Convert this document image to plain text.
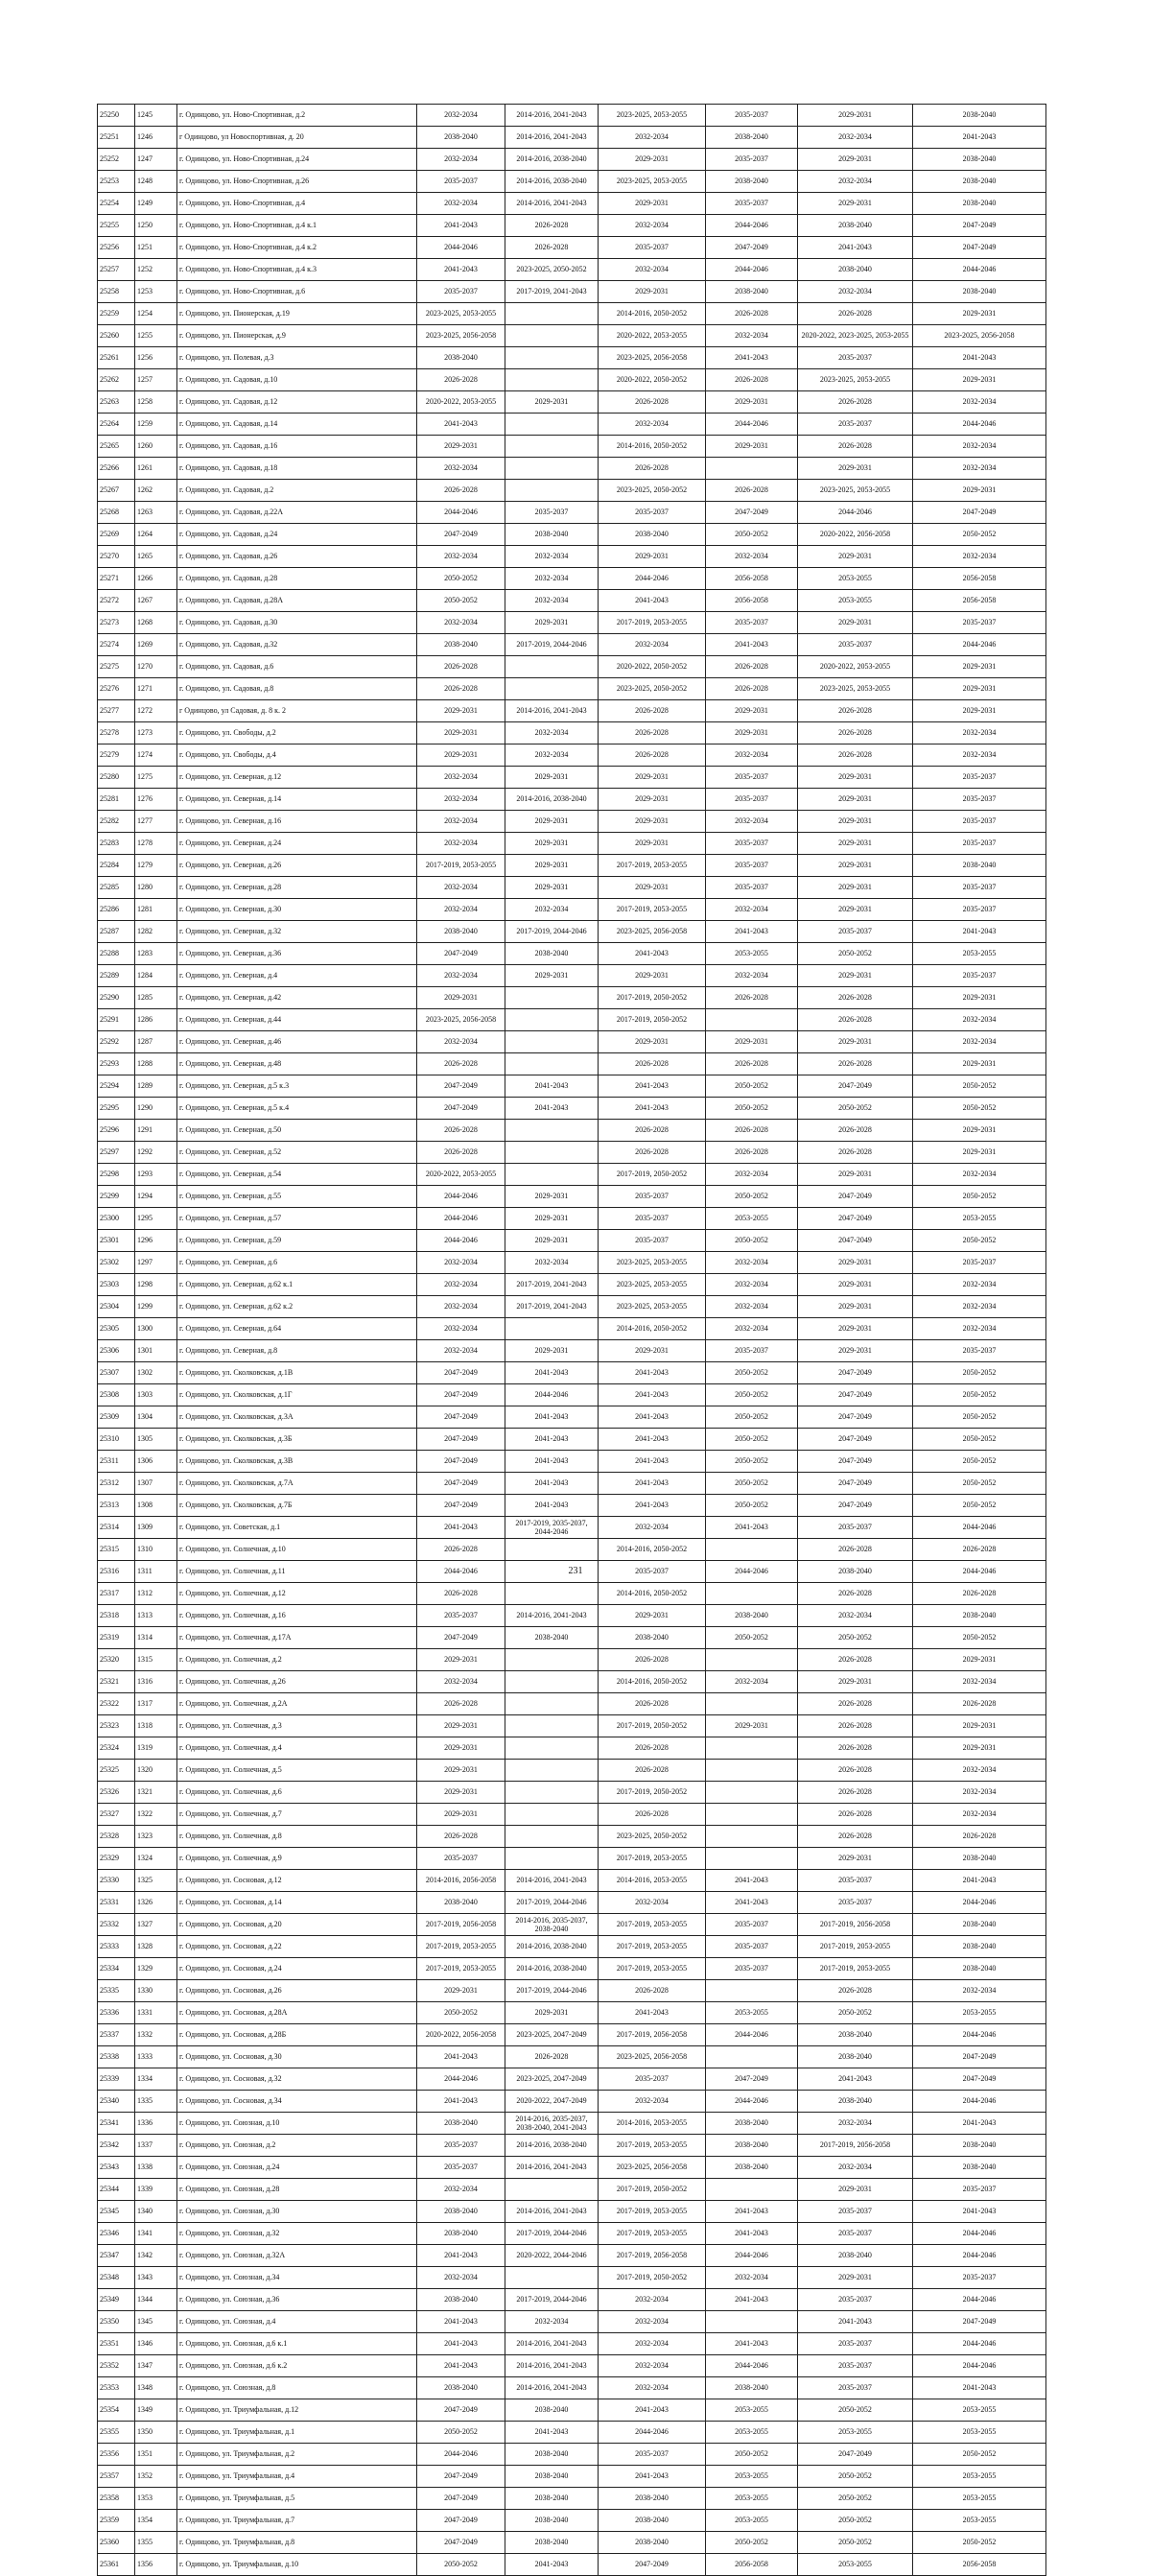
25250	1245	г. Одинцово, ул. Ново-Спортивная, д.2	2032-2034	2014-2016, 2041-2043	2023-2025, 2053-2055	2035-2037	2029-2031	2038-2040
25251	1246	г Одинцово, ул Новоспортивная, д. 20	2038-2040	2014-2016, 2041-2043	2032-2034	2038-2040	2032-2034	2041-2043
25252	1247	г. Одинцово, ул. Ново-Спортивная, д.24	2032-2034	2014-2016, 2038-2040	2029-2031	2035-2037	2029-2031	2038-2040
25253	1248	г. Одинцово, ул. Ново-Спортивная, д.26	2035-2037	2014-2016, 2038-2040	2023-2025, 2053-2055	2038-2040	2032-2034	2038-2040
25254	1249	г. Одинцово, ул. Ново-Спортивная, д.4	2032-2034	2014-2016, 2041-2043	2029-2031	2035-2037	2029-2031	2038-2040
25255	1250	г. Одинцово, ул. Ново-Спортивная, д.4 к.1	2041-2043	2026-2028	2032-2034	2044-2046	2038-2040	2047-2049
25256	1251	г. Одинцово, ул. Ново-Спортивная, д.4 к.2	2044-2046	2026-2028	2035-2037	2047-2049	2041-2043	2047-2049
25257	1252	г. Одинцово, ул. Ново-Спортивная, д.4 к.3	2041-2043	2023-2025, 2050-2052	2032-2034	2044-2046	2038-2040	2044-2046
25258	1253	г. Одинцово, ул. Ново-Спортивная, д.6	2035-2037	2017-2019, 2041-2043	2029-2031	2038-2040	2032-2034	2038-2040
25259	1254	г. Одинцово, ул. Пионерская, д.19	2023-2025, 2053-2055		2014-2016, 2050-2052	2026-2028	2026-2028	2029-2031
25260	1255	г. Одинцово, ул. Пионерская, д.9	2023-2025, 2056-2058		2020-2022, 2053-2055	2032-2034	2020-2022, 2023-2025, 2053-2055	2023-2025, 2056-2058
25261	1256	г. Одинцово, ул. Полевая, д.3	2038-2040		2023-2025, 2056-2058	2041-2043	2035-2037	2041-2043
25262	1257	г. Одинцово, ул. Садовая, д.10	2026-2028		2020-2022, 2050-2052	2026-2028	2023-2025, 2053-2055	2029-2031
25263	1258	г. Одинцово, ул. Садовая, д.12	2020-2022, 2053-2055	2029-2031	2026-2028	2029-2031	2026-2028	2032-2034
25264	1259	г. Одинцово, ул. Садовая, д.14	2041-2043		2032-2034	2044-2046	2035-2037	2044-2046
25265	1260	г. Одинцово, ул. Садовая, д.16	2029-2031		2014-2016, 2050-2052	2029-2031	2026-2028	2032-2034
25266	1261	г. Одинцово, ул. Садовая, д.18	2032-2034		2026-2028		2029-2031	2032-2034
25267	1262	г. Одинцово, ул. Садовая, д.2	2026-2028		2023-2025, 2050-2052	2026-2028	2023-2025, 2053-2055	2029-2031
25268	1263	г. Одинцово, ул. Садовая, д.22А	2044-2046	2035-2037	2035-2037	2047-2049	2044-2046	2047-2049
25269	1264	г. Одинцово, ул. Садовая, д.24	2047-2049	2038-2040	2038-2040	2050-2052	2020-2022, 2056-2058	2050-2052
25270	1265	г. Одинцово, ул. Садовая, д.26	2032-2034	2032-2034	2029-2031	2032-2034	2029-2031	2032-2034
25271	1266	г. Одинцово, ул. Садовая, д.28	2050-2052	2032-2034	2044-2046	2056-2058	2053-2055	2056-2058
25272	1267	г. Одинцово, ул. Садовая, д.28А	2050-2052	2032-2034	2041-2043	2056-2058	2053-2055	2056-2058
25273	1268	г. Одинцово, ул. Садовая, д.30	2032-2034	2029-2031	2017-2019, 2053-2055	2035-2037	2029-2031	2035-2037
25274	1269	г. Одинцово, ул. Садовая, д.32	2038-2040	2017-2019, 2044-2046	2032-2034	2041-2043	2035-2037	2044-2046
25275	1270	г. Одинцово, ул. Садовая, д.6	2026-2028		2020-2022, 2050-2052	2026-2028	2020-2022, 2053-2055	2029-2031
25276	1271	г. Одинцово, ул. Садовая, д.8	2026-2028		2023-2025, 2050-2052	2026-2028	2023-2025, 2053-2055	2029-2031
25277	1272	г Одинцово, ул Садовая, д. 8 к. 2	2029-2031	2014-2016, 2041-2043	2026-2028	2029-2031	2026-2028	2029-2031
25278	1273	г. Одинцово, ул. Свободы, д.2	2029-2031	2032-2034	2026-2028	2029-2031	2026-2028	2032-2034
25279	1274	г. Одинцово, ул. Свободы, д.4	2029-2031	2032-2034	2026-2028	2032-2034	2026-2028	2032-2034
25280	1275	г. Одинцово, ул. Северная, д.12	2032-2034	2029-2031	2029-2031	2035-2037	2029-2031	2035-2037
25281	1276	г. Одинцово, ул. Северная, д.14	2032-2034	2014-2016, 2038-2040	2029-2031	2035-2037	2029-2031	2035-2037
25282	1277	г. Одинцово, ул. Северная, д.16	2032-2034	2029-2031	2029-2031	2032-2034	2029-2031	2035-2037
25283	1278	г. Одинцово, ул. Северная, д.24	2032-2034	2029-2031	2029-2031	2035-2037	2029-2031	2035-2037
25284	1279	г. Одинцово, ул. Северная, д.26	2017-2019, 2053-2055	2029-2031	2017-2019, 2053-2055	2035-2037	2029-2031	2038-2040
25285	1280	г. Одинцово, ул. Северная, д.28	2032-2034	2029-2031	2029-2031	2035-2037	2029-2031	2035-2037
25286	1281	г. Одинцово, ул. Северная, д.30	2032-2034	2032-2034	2017-2019, 2053-2055	2032-2034	2029-2031	2035-2037
25287	1282	г. Одинцово, ул. Северная, д.32	2038-2040	2017-2019, 2044-2046	2023-2025, 2056-2058	2041-2043	2035-2037	2041-2043
25288	1283	г. Одинцово, ул. Северная, д.36	2047-2049	2038-2040	2041-2043	2053-2055	2050-2052	2053-2055
25289	1284	г. Одинцово, ул. Северная, д.4	2032-2034	2029-2031	2029-2031	2032-2034	2029-2031	2035-2037
25290	1285	г. Одинцово, ул. Северная, д.42	2029-2031		2017-2019, 2050-2052	2026-2028	2026-2028	2029-2031
25291	1286	г. Одинцово, ул. Северная, д.44	2023-2025, 2056-2058		2017-2019, 2050-2052		2026-2028	2032-2034
25292	1287	г. Одинцово, ул. Северная, д.46	2032-2034		2029-2031	2029-2031	2029-2031	2032-2034
25293	1288	г. Одинцово, ул. Северная, д.48	2026-2028		2026-2028	2026-2028	2026-2028	2029-2031
25294	1289	г. Одинцово, ул. Северная, д.5 к.3	2047-2049	2041-2043	2041-2043	2050-2052	2047-2049	2050-2052
25295	1290	г. Одинцово, ул. Северная, д.5 к.4	2047-2049	2041-2043	2041-2043	2050-2052	2050-2052	2050-2052
25296	1291	г. Одинцово, ул. Северная, д.50	2026-2028		2026-2028	2026-2028	2026-2028	2029-2031
25297	1292	г. Одинцово, ул. Северная, д.52	2026-2028		2026-2028	2026-2028	2026-2028	2029-2031
25298	1293	г. Одинцово, ул. Северная, д.54	2020-2022, 2053-2055		2017-2019, 2050-2052	2032-2034	2029-2031	2032-2034
25299	1294	г. Одинцово, ул. Северная, д.55	2044-2046	2029-2031	2035-2037	2050-2052	2047-2049	2050-2052
25300	1295	г. Одинцово, ул. Северная, д.57	2044-2046	2029-2031	2035-2037	2053-2055	2047-2049	2053-2055
25301	1296	г. Одинцово, ул. Северная, д.59	2044-2046	2029-2031	2035-2037	2050-2052	2047-2049	2050-2052
25302	1297	г. Одинцово, ул. Северная, д.6	2032-2034	2032-2034	2023-2025, 2053-2055	2032-2034	2029-2031	2035-2037
25303	1298	г. Одинцово, ул. Северная, д.62 к.1	2032-2034	2017-2019, 2041-2043	2023-2025, 2053-2055	2032-2034	2029-2031	2032-2034
25304	1299	г. Одинцово, ул. Северная, д.62 к.2	2032-2034	2017-2019, 2041-2043	2023-2025, 2053-2055	2032-2034	2029-2031	2032-2034
25305	1300	г. Одинцово, ул. Северная, д.64	2032-2034		2014-2016, 2050-2052	2032-2034	2029-2031	2032-2034
25306	1301	г. Одинцово, ул. Северная, д.8	2032-2034	2029-2031	2029-2031	2035-2037	2029-2031	2035-2037
25307	1302	г. Одинцово, ул. Сколковская, д.1В	2047-2049	2041-2043	2041-2043	2050-2052	2047-2049	2050-2052
25308	1303	г. Одинцово, ул. Сколковская, д.1Г	2047-2049	2044-2046	2041-2043	2050-2052	2047-2049	2050-2052
25309	1304	г. Одинцово, ул. Сколковская, д.3А	2047-2049	2041-2043	2041-2043	2050-2052	2047-2049	2050-2052
25310	1305	г. Одинцово, ул. Сколковская, д.3Б	2047-2049	2041-2043	2041-2043	2050-2052	2047-2049	2050-2052
25311	1306	г. Одинцово, ул. Сколковская, д.3В	2047-2049	2041-2043	2041-2043	2050-2052	2047-2049	2050-2052
25312	1307	г. Одинцово, ул. Сколковская, д.7А	2047-2049	2041-2043	2041-2043	2050-2052	2047-2049	2050-2052
25313	1308	г. Одинцово, ул. Сколковская, д.7Б	2047-2049	2041-2043	2041-2043	2050-2052	2047-2049	2050-2052
25314	1309	г. Одинцово, ул. Советская, д.1	2041-2043	2017-2019, 2035-2037, 2044-2046	2032-2034	2041-2043	2035-2037	2044-2046
25315	1310	г. Одинцово, ул. Солнечная, д.10	2026-2028		2014-2016, 2050-2052		2026-2028	2026-2028
25316	1311	г. Одинцово, ул. Солнечная, д.11	2044-2046		2035-2037	2044-2046	2038-2040	2044-2046
25317	1312	г. Одинцово, ул. Солнечная, д.12	2026-2028		2014-2016, 2050-2052		2026-2028	2026-2028
25318	1313	г. Одинцово, ул. Солнечная, д.16	2035-2037	2014-2016, 2041-2043	2029-2031	2038-2040	2032-2034	2038-2040
25319	1314	г. Одинцово, ул. Солнечная, д.17А	2047-2049	2038-2040	2038-2040	2050-2052	2050-2052	2050-2052
25320	1315	г. Одинцово, ул. Солнечная, д.2	2029-2031		2026-2028		2026-2028	2029-2031
25321	1316	г. Одинцово, ул. Солнечная, д.26	2032-2034		2014-2016, 2050-2052	2032-2034	2029-2031	2032-2034
25322	1317	г. Одинцово, ул. Солнечная, д.2А	2026-2028		2026-2028		2026-2028	2026-2028
25323	1318	г. Одинцово, ул. Солнечная, д.3	2029-2031		2017-2019, 2050-2052	2029-2031	2026-2028	2029-2031
25324	1319	г. Одинцово, ул. Солнечная, д.4	2029-2031		2026-2028		2026-2028	2029-2031
25325	1320	г. Одинцово, ул. Солнечная, д.5	2029-2031		2026-2028		2026-2028	2032-2034
25326	1321	г. Одинцово, ул. Солнечная, д.6	2029-2031		2017-2019, 2050-2052		2026-2028	2032-2034
25327	1322	г. Одинцово, ул. Солнечная, д.7	2029-2031		2026-2028		2026-2028	2032-2034
25328	1323	г. Одинцово, ул. Солнечная, д.8	2026-2028		2023-2025, 2050-2052		2026-2028	2026-2028
25329	1324	г. Одинцово, ул. Солнечная, д.9	2035-2037		2017-2019, 2053-2055		2029-2031	2038-2040
25330	1325	г. Одинцово, ул. Сосновая, д.12	2014-2016, 2056-2058	2014-2016, 2041-2043	2014-2016, 2053-2055	2041-2043	2035-2037	2041-2043
25331	1326	г. Одинцово, ул. Сосновая, д.14	2038-2040	2017-2019, 2044-2046	2032-2034	2041-2043	2035-2037	2044-2046
25332	1327	г. Одинцово, ул. Сосновая, д.20	2017-2019, 2056-2058	2014-2016, 2035-2037, 2038-2040	2017-2019, 2053-2055	2035-2037	2017-2019, 2056-2058	2038-2040
25333	1328	г. Одинцово, ул. Сосновая, д.22	2017-2019, 2053-2055	2014-2016, 2038-2040	2017-2019, 2053-2055	2035-2037	2017-2019, 2053-2055	2038-2040
25334	1329	г. Одинцово, ул. Сосновая, д.24	2017-2019, 2053-2055	2014-2016, 2038-2040	2017-2019, 2053-2055	2035-2037	2017-2019, 2053-2055	2038-2040
25335	1330	г. Одинцово, ул. Сосновая, д.26	2029-2031	2017-2019, 2044-2046	2026-2028		2026-2028	2032-2034
25336	1331	г. Одинцово, ул. Сосновая, д.28А	2050-2052	2029-2031	2041-2043	2053-2055	2050-2052	2053-2055
25337	1332	г. Одинцово, ул. Сосновая, д.28Б	2020-2022, 2056-2058	2023-2025, 2047-2049	2017-2019, 2056-2058	2044-2046	2038-2040	2044-2046
25338	1333	г. Одинцово, ул. Сосновая, д.30	2041-2043	2026-2028	2023-2025, 2056-2058		2038-2040	2047-2049
25339	1334	г. Одинцово, ул. Сосновая, д.32	2044-2046	2023-2025, 2047-2049	2035-2037	2047-2049	2041-2043	2047-2049
25340	1335	г. Одинцово, ул. Сосновая, д.34	2041-2043	2020-2022, 2047-2049	2032-2034	2044-2046	2038-2040	2044-2046
25341	1336	г. Одинцово, ул. Союзная, д.10	2038-2040	2014-2016, 2035-2037, 2038-2040, 2041-2043	2014-2016, 2053-2055	2038-2040	2032-2034	2041-2043
25342	1337	г. Одинцово, ул. Союзная, д.2	2035-2037	2014-2016, 2038-2040	2017-2019, 2053-2055	2038-2040	2017-2019, 2056-2058	2038-2040
25343	1338	г. Одинцово, ул. Союзная, д.24	2035-2037	2014-2016, 2041-2043	2023-2025, 2056-2058	2038-2040	2032-2034	2038-2040
25344	1339	г. Одинцово, ул. Союзная, д.28	2032-2034		2017-2019, 2050-2052		2029-2031	2035-2037
25345	1340	г. Одинцово, ул. Союзная, д.30	2038-2040	2014-2016, 2041-2043	2017-2019, 2053-2055	2041-2043	2035-2037	2041-2043
25346	1341	г. Одинцово, ул. Союзная, д.32	2038-2040	2017-2019, 2044-2046	2017-2019, 2053-2055	2041-2043	2035-2037	2044-2046
25347	1342	г. Одинцово, ул. Союзная, д.32А	2041-2043	2020-2022, 2044-2046	2017-2019, 2056-2058	2044-2046	2038-2040	2044-2046
25348	1343	г. Одинцово, ул. Союзная, д.34	2032-2034		2017-2019, 2050-2052	2032-2034	2029-2031	2035-2037
25349	1344	г. Одинцово, ул. Союзная, д.36	2038-2040	2017-2019, 2044-2046	2032-2034	2041-2043	2035-2037	2044-2046
25350	1345	г. Одинцово, ул. Союзная, д.4	2041-2043	2032-2034	2032-2034		2041-2043	2047-2049
25351	1346	г. Одинцово, ул. Союзная, д.6 к.1	2041-2043	2014-2016, 2041-2043	2032-2034	2041-2043	2035-2037	2044-2046
25352	1347	г. Одинцово, ул. Союзная, д.6 к.2	2041-2043	2014-2016, 2041-2043	2032-2034	2044-2046	2035-2037	2044-2046
25353	1348	г. Одинцово, ул. Союзная, д.8	2038-2040	2014-2016, 2041-2043	2032-2034	2038-2040	2035-2037	2041-2043
25354	1349	г. Одинцово, ул. Триумфальная, д.12	2047-2049	2038-2040	2041-2043	2053-2055	2050-2052	2053-2055
25355	1350	г. Одинцово, ул. Триумфальная, д.1	2050-2052	2041-2043	2044-2046	2053-2055	2053-2055	2053-2055
25356	1351	г. Одинцово, ул. Триумфальная, д.2	2044-2046	2038-2040	2035-2037	2050-2052	2047-2049	2050-2052
25357	1352	г. Одинцово, ул. Триумфальная, д.4	2047-2049	2038-2040	2041-2043	2053-2055	2050-2052	2053-2055
25358	1353	г. Одинцово, ул. Триумфальная, д.5	2047-2049	2038-2040	2038-2040	2053-2055	2050-2052	2053-2055
25359	1354	г. Одинцово, ул. Триумфальная, д.7	2047-2049	2038-2040	2038-2040	2053-2055	2050-2052	2053-2055
25360	1355	г. Одинцово, ул. Триумфальная, д.8	2047-2049	2038-2040	2038-2040	2050-2052	2050-2052	2050-2052
25361	1356	г. Одинцово, ул. Триумфальная, д.10	2050-2052	2041-2043	2047-2049	2056-2058	2053-2055	2056-2058
231
